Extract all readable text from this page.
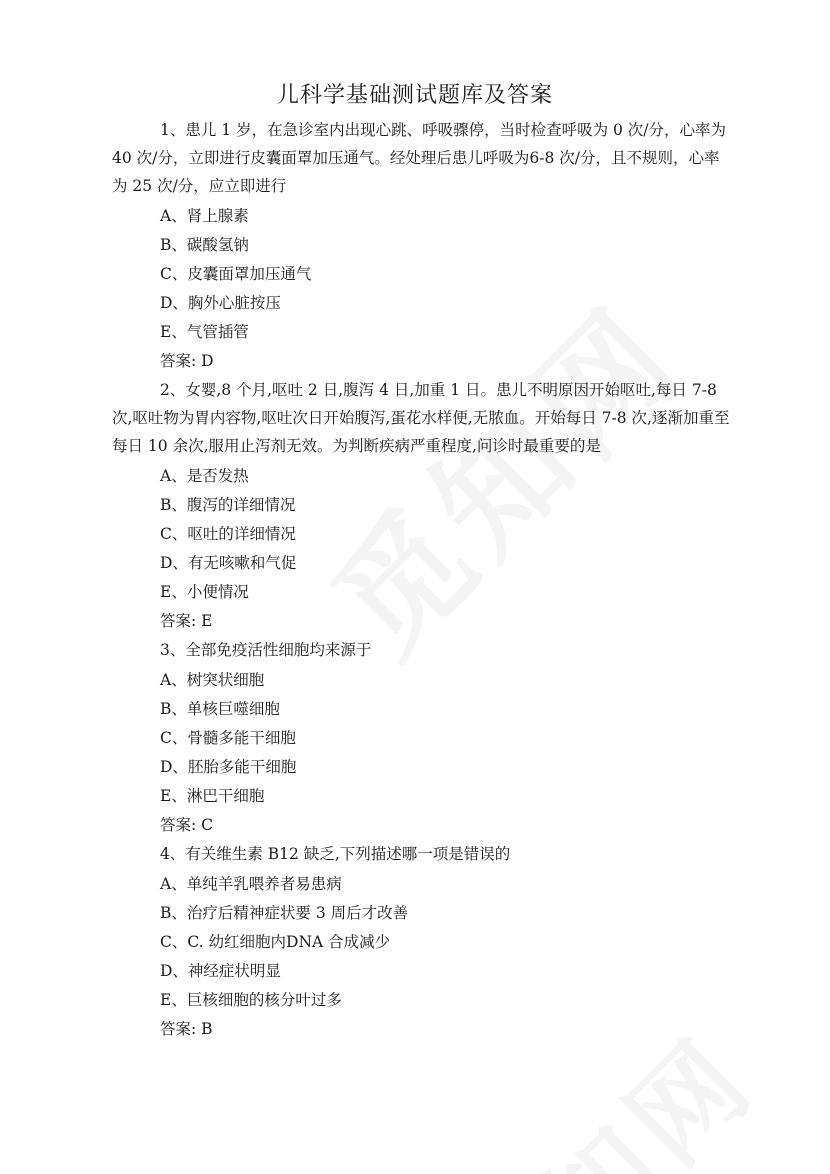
儿科学基础测试题库及答案

1、患儿 1 岁，在急诊室内出现心跳、呼吸骤停，当时检查呼吸为 0 次/分，心率为 40 次/分，立即进行皮囊面罩加压通气。经处理后患儿呼吸为6-8 次/分，且不规则，心率为 25 次/分，应立即进行

A、肾上腺素

B、碳酸氢钠

C、皮囊面罩加压通气

D、胸外心脏按压

E、气管插管

答案: D

2、女婴,8 个月,呕吐 2 日,腹泻 4 日,加重 1 日。患儿不明原因开始呕吐,每日 7-8 次,呕吐物为胃内容物,呕吐次日开始腹泻,蛋花水样便,无脓血。开始每日 7-8 次,逐渐加重至每日 10 余次,服用止泻剂无效。为判断疾病严重程度,问诊时最重要的是

A、是否发热

B、腹泻的详细情况

C、呕吐的详细情况

D、有无咳嗽和气促

E、小便情况

答案: E

3、全部免疫活性细胞均来源于

A、树突状细胞

B、单核巨噬细胞

C、骨髓多能干细胞

D、胚胎多能干细胞

E、淋巴干细胞

答案: C

4、有关维生素 B12 缺乏,下列描述哪一项是错误的

A、单纯羊乳喂养者易患病

B、治疗后精神症状要 3 周后才改善

C、C. 幼红细胞内DNA 合成减少

D、神经症状明显

E、巨核细胞的核分叶过多

答案: B
